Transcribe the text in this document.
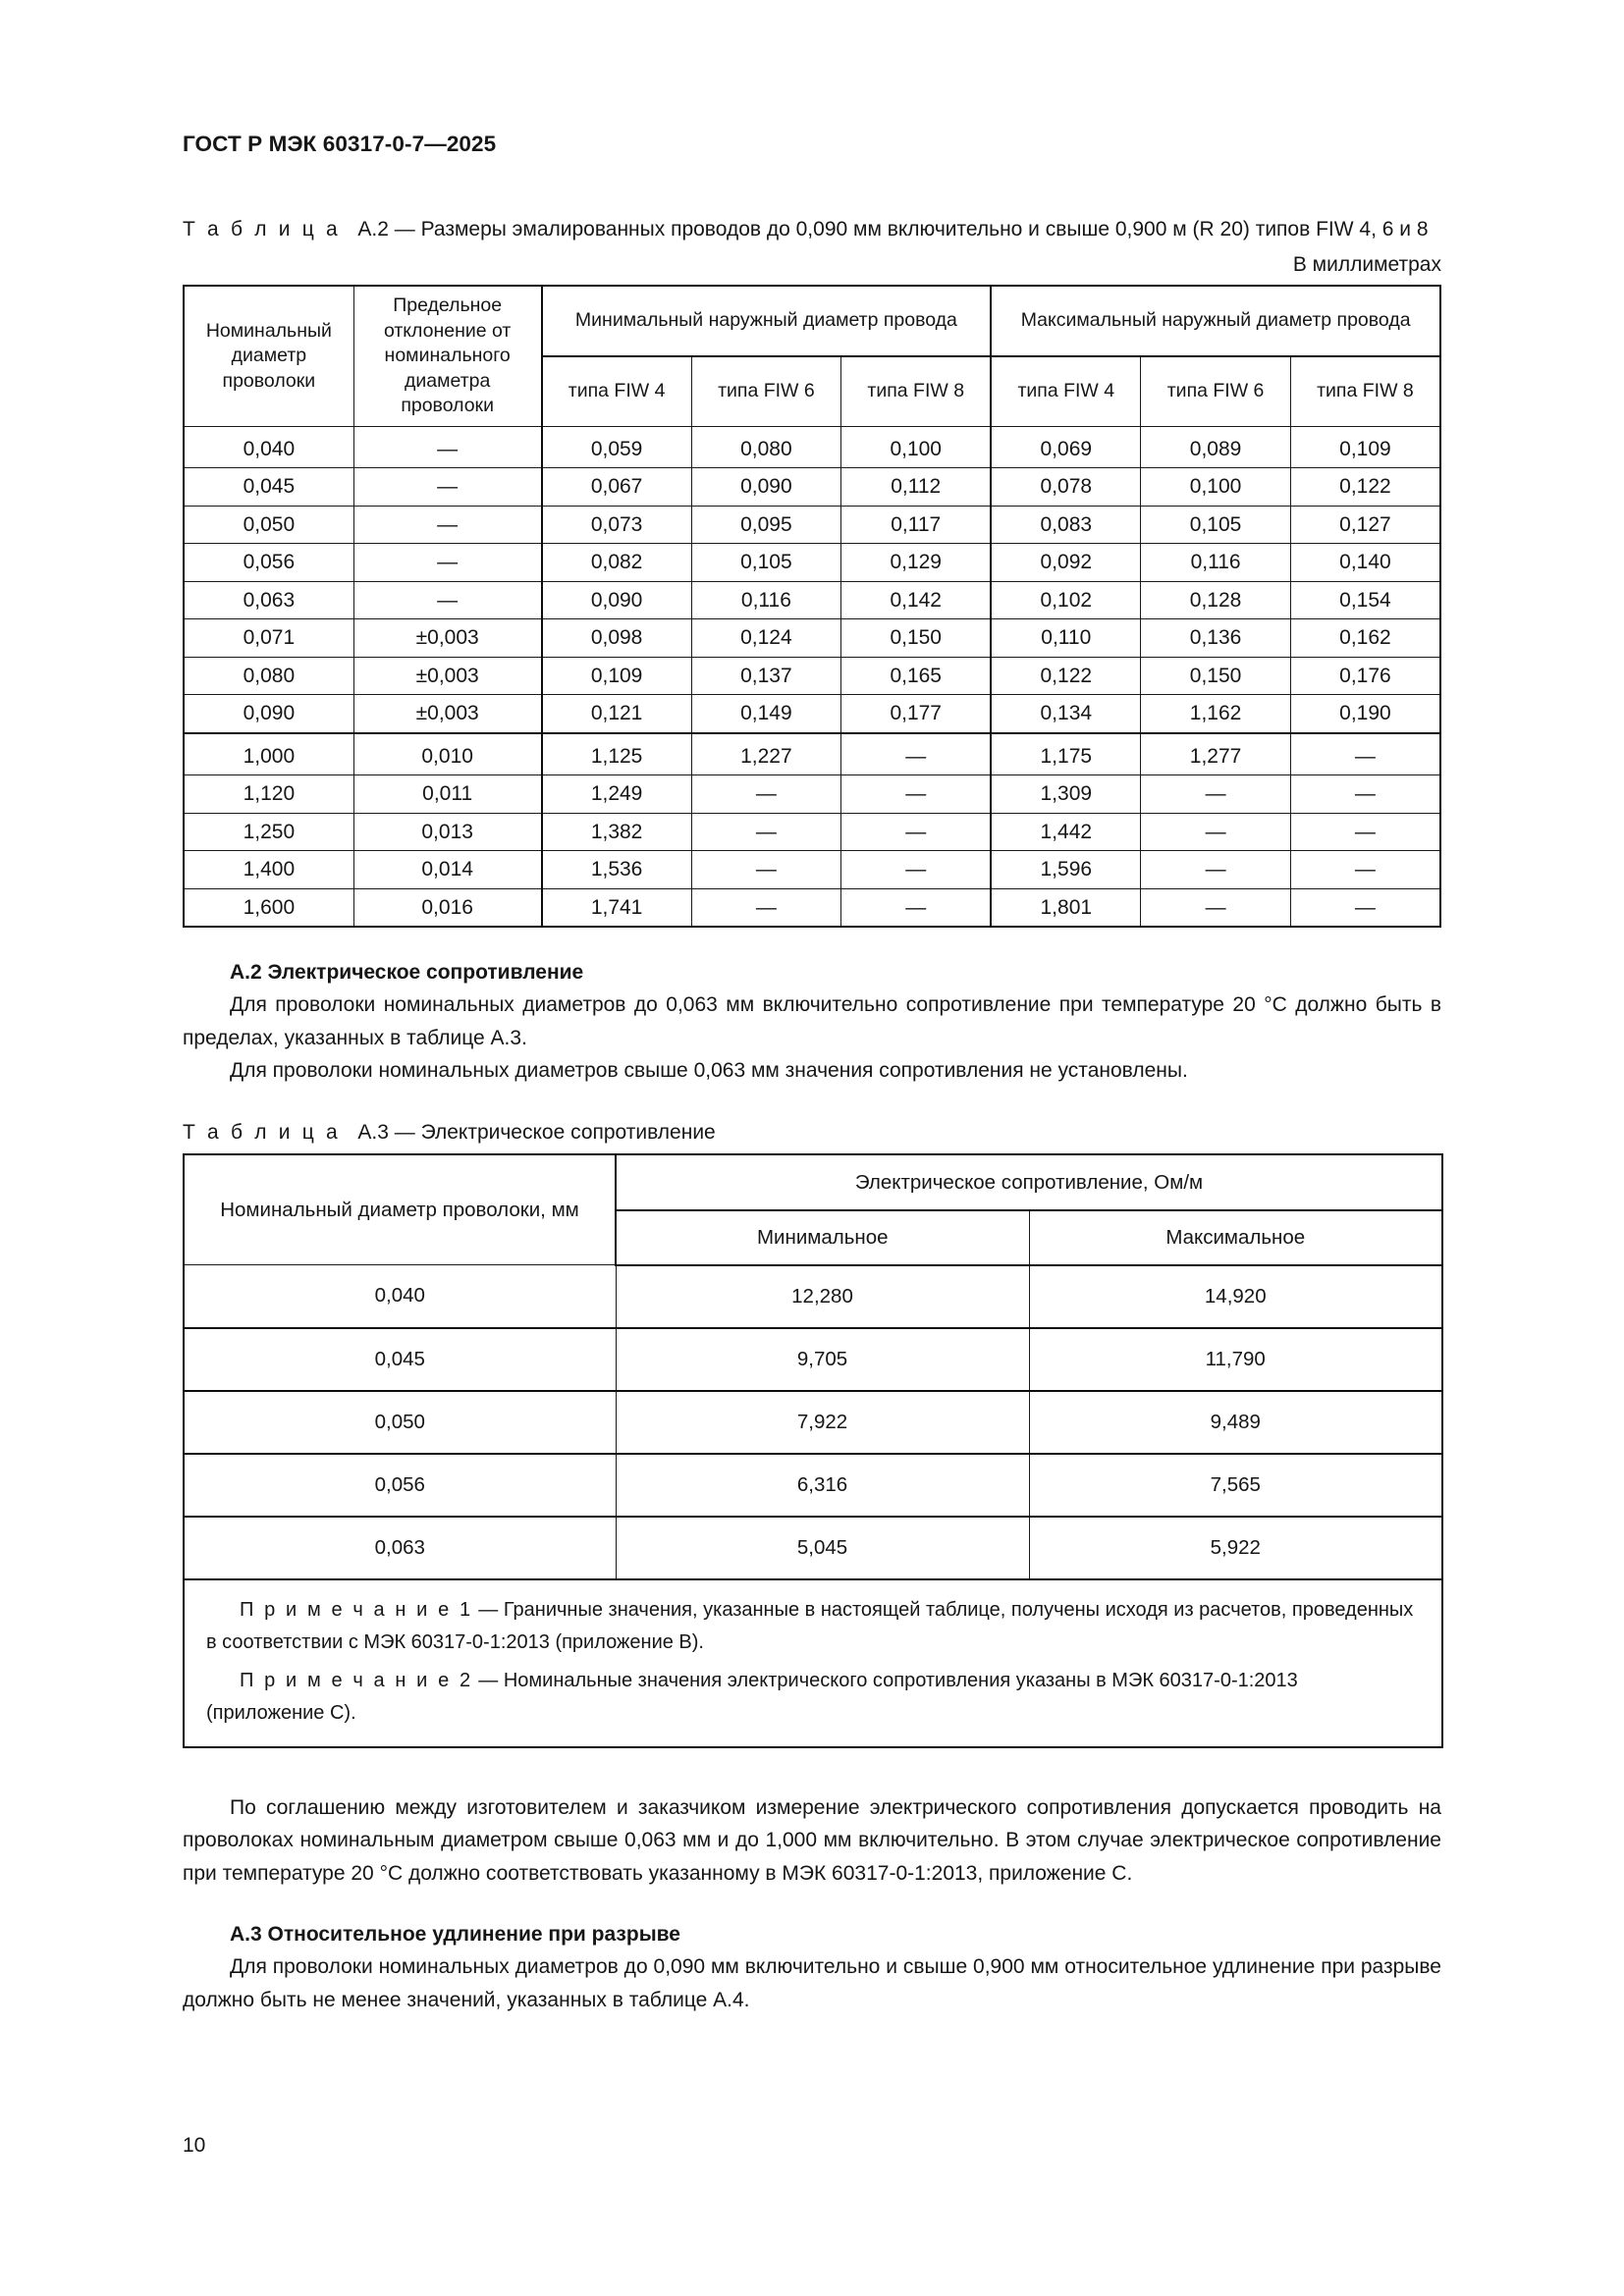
ГОСТ Р МЭК 60317-0-7—2025
Т а б л и ц а А.2 — Размеры эмалированных проводов до 0,090 мм включительно и свыше 0,900 м (R 20) типов FIW 4, 6 и 8
В миллиметрах
Номинальный диаметр проволоки	Предельное отклонение от номинального диаметра проволоки	Минимальный наружный диаметр провода			Максимальный наружный диаметр провода		
		типа FIW 4	типа FIW 6	типа FIW 8	типа FIW 4	типа FIW 6	типа FIW 8
0,040	—	0,059	0,080	0,100	0,069	0,089	0,109
0,045	—	0,067	0,090	0,112	0,078	0,100	0,122
0,050	—	0,073	0,095	0,117	0,083	0,105	0,127
0,056	—	0,082	0,105	0,129	0,092	0,116	0,140
0,063	—	0,090	0,116	0,142	0,102	0,128	0,154
0,071	±0,003	0,098	0,124	0,150	0,110	0,136	0,162
0,080	±0,003	0,109	0,137	0,165	0,122	0,150	0,176
0,090	±0,003	0,121	0,149	0,177	0,134	1,162	0,190
1,000	0,010	1,125	1,227	—	1,175	1,277	—
1,120	0,011	1,249	—	—	1,309	—	—
1,250	0,013	1,382	—	—	1,442	—	—
1,400	0,014	1,536	—	—	1,596	—	—
1,600	0,016	1,741	—	—	1,801	—	—
А.2 Электрическое сопротивление

Для проволоки номинальных диаметров до 0,063 мм включительно сопротивление при температуре 20 °С должно быть в пределах, указанных в таблице А.3.

Для проволоки номинальных диаметров свыше 0,063 мм значения сопротивления не установлены.

Т а б л и ц а А.3 — Электрическое сопротивление
Номинальный диаметр проволоки, мм	Электрическое сопротивление, Ом/м	
	Минимальное	Максимальное
0,040	12,280	14,920
0,045	9,705	11,790
0,050	7,922	9,489
0,056	6,316	7,565
0,063	5,045	5,922

П р и м е ч а н и е 1 — Граничные значения, указанные в настоящей таблице, получены исходя из расчетов, проведенных в соответствии с МЭК 60317-0-1:2013 (приложение В).

П р и м е ч а н и е 2 — Номинальные значения электрического сопротивления указаны в МЭК 60317-0-1:2013 (приложение С).		

По соглашению между изготовителем и заказчиком измерение электрического сопротивления допускается проводить на проволоках номинальным диаметром свыше 0,063 мм и до 1,000 мм включительно. В этом случае электрическое сопротивление при температуре 20 °С должно соответствовать указанному в МЭК 60317-0-1:2013, приложение С.

А.3 Относительное удлинение при разрыве

Для проволоки номинальных диаметров до 0,090 мм включительно и свыше 0,900 мм относительное удлинение при разрыве должно быть не менее значений, указанных в таблице А.4.

10
